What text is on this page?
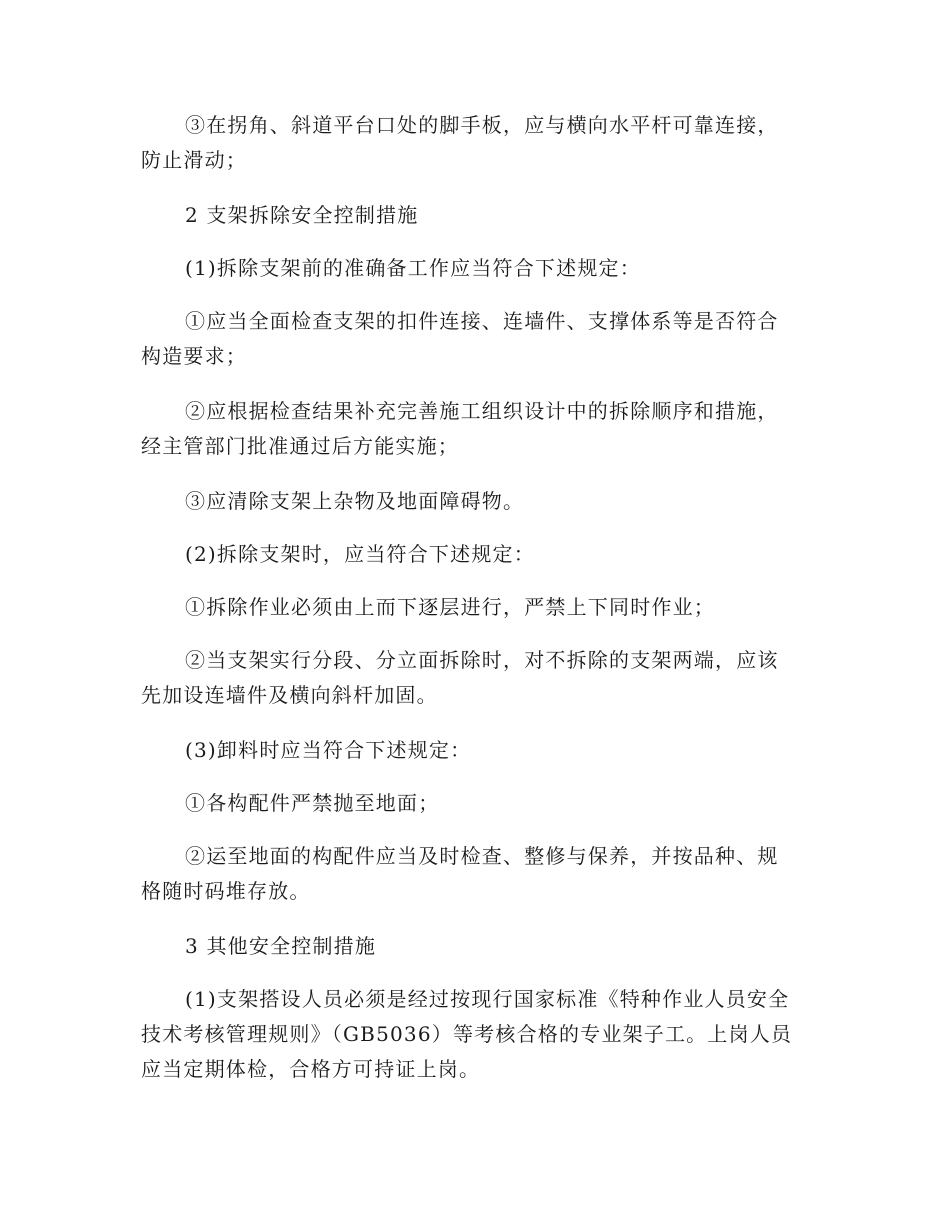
③在拐角、斜道平台口处的脚手板，应与横向水平杆可靠连接，
防止滑动；
2 支架拆除安全控制措施
(1)拆除支架前的准确备工作应当符合下述规定：
①应当全面检查支架的扣件连接、连墙件、支撑体系等是否符合
构造要求；
②应根据检查结果补充完善施工组织设计中的拆除顺序和措施，
经主管部门批准通过后方能实施；
③应清除支架上杂物及地面障碍物。
(2)拆除支架时，应当符合下述规定：
①拆除作业必须由上而下逐层进行，严禁上下同时作业；
②当支架实行分段、分立面拆除时，对不拆除的支架两端，应该
先加设连墙件及横向斜杆加固。
(3)卸料时应当符合下述规定：
①各构配件严禁抛至地面；
②运至地面的构配件应当及时检查、整修与保养，并按品种、规
格随时码堆存放。
3 其他安全控制措施
(1)支架搭设人员必须是经过按现行国家标准《特种作业人员安全
技术考核管理规则》（GB5036）等考核合格的专业架子工。上岗人员
应当定期体检，合格方可持证上岗。
